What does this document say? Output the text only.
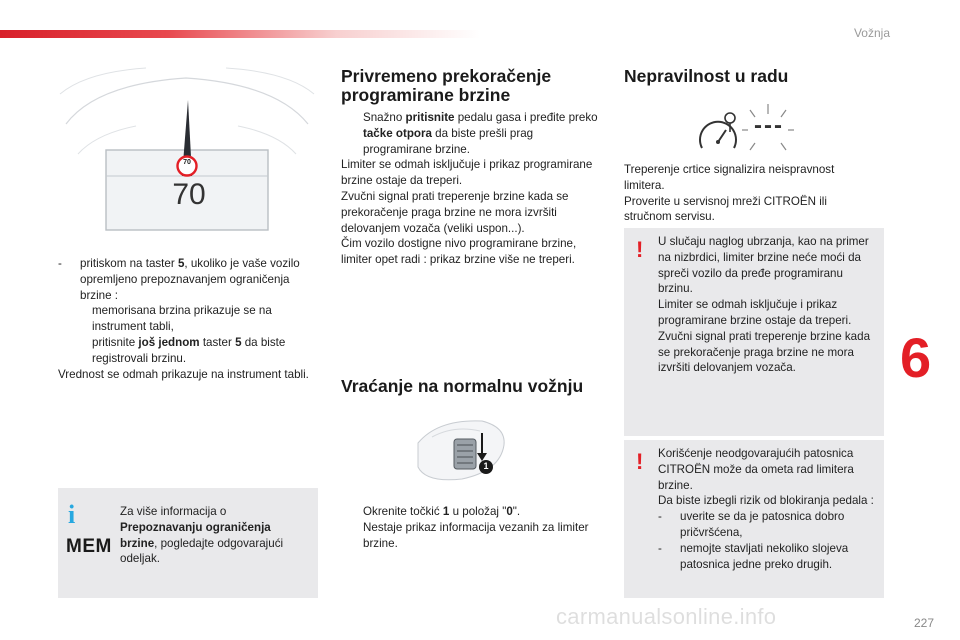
Vožnja
6
227
70
70
- pritiskom na taster 5, ukoliko je vaše vozilo opremljeno prepoznavanjem ograničenja brzine :
memorisana brzina prikazuje se na instrument tabli,
pritisnite još jednom taster 5 da biste registrovali brzinu.
Vrednost se odmah prikazuje na instrument tabli.
i
MEM
Za više informacija o Prepoznavanju ograničenja brzine, pogledajte odgovarajući odeljak.
Privremeno prekoračenje programirane brzine
Snažno pritisnite pedalu gasa i pređite preko tačke otpora da biste prešli prag programirane brzine.
Limiter se odmah isključuje i prikaz programirane brzine ostaje da treperi.
Zvučni signal prati treperenje brzine kada se prekoračenje praga brzine ne mora izvršiti delovanjem vozača (veliki uspon...).
Čim vozilo dostigne nivo programirane brzine, limiter opet radi : prikaz brzine više ne treperi.
Vraćanje na normalnu vožnju
1
Okrenite točkić 1 u položaj "0".
Nestaje prikaz informacija vezanih za limiter brzine.
Nepravilnost u radu
---
Treperenje crtice signalizira neispravnost limitera.
Proverite u servisnoj mreži CITROËN ili stručnom servisu.
! U slučaju naglog ubrzanja, kao na primer na nizbrdici, limiter brzine neće moći da spreči vozilo da pređe programiranu brzinu.
Limiter se odmah isključuje i prikaz programirane brzine ostaje da treperi.
Zvučni signal prati treperenje brzine kada se prekoračenje praga brzine ne mora izvršiti delovanjem vozača.
! Korišćenje neodgovarajućih patosnica CITROËN može da ometa rad limitera brzine.
Da biste izbegli rizik od blokiranja pedala :
- uverite se da je patosnica dobro pričvršćena,
- nemojte stavljati nekoliko slojeva patosnica jedne preko drugih.
carmanualsonline.info
